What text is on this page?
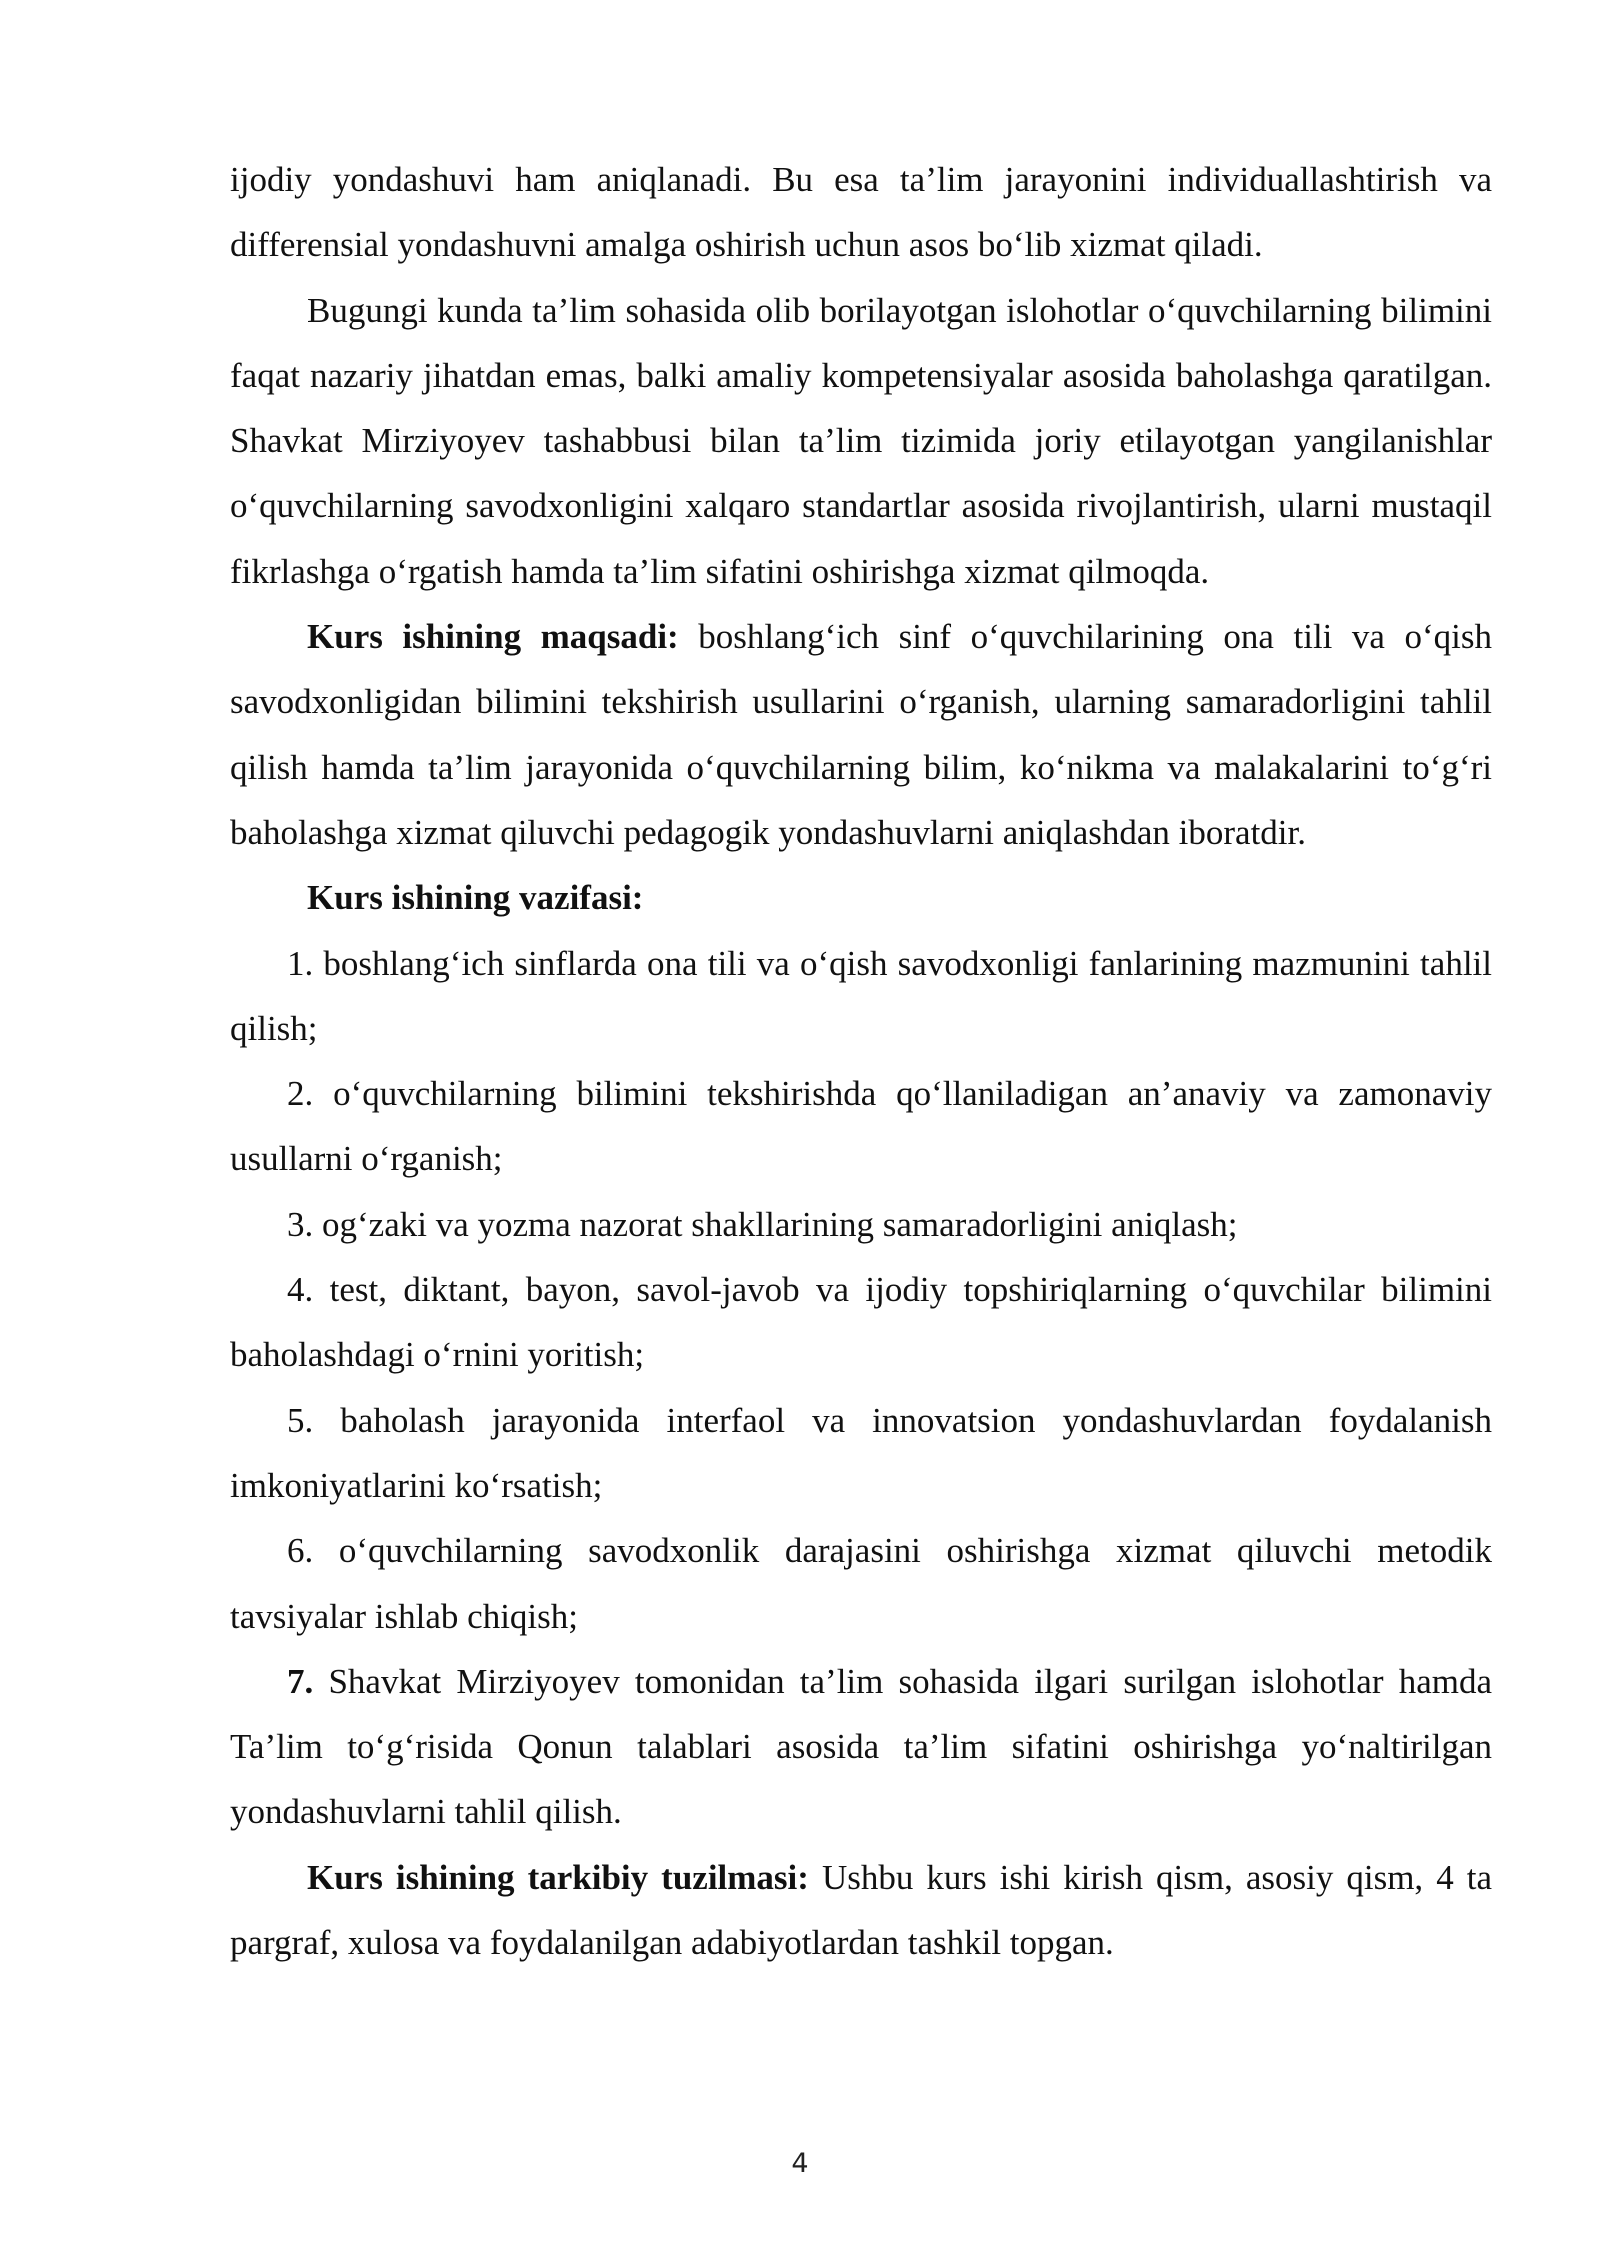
ijodiy yondashuvi ham aniqlanadi. Bu esa ta’lim jarayonini individuallashtirish va differensial yondashuvni amalga oshirish uchun asos bo‘lib xizmat qiladi.

Bugungi kunda ta’lim sohasida olib borilayotgan islohotlar o‘quvchilarning bilimini faqat nazariy jihatdan emas, balki amaliy kompetensiyalar asosida baholashga qaratilgan. Shavkat Mirziyoyev tashabbusi bilan ta’lim tizimida joriy etilayotgan yangilanishlar o‘quvchilarning savodxonligini xalqaro standartlar asosida rivojlantirish, ularni mustaqil fikrlashga o‘rgatish hamda ta’lim sifatini oshirishga xizmat qilmoqda.

Kurs ishining maqsadi: boshlang‘ich sinf o‘quvchilarining ona tili va o‘qish savodxonligidan bilimini tekshirish usullarini o‘rganish, ularning samaradorligini tahlil qilish hamda ta’lim jarayonida o‘quvchilarning bilim, ko‘nikma va malakalarini to‘g‘ri baholashga xizmat qiluvchi pedagogik yondashuvlarni aniqlashdan iboratdir.

Kurs ishining vazifasi:

1. boshlang‘ich sinflarda ona tili va o‘qish savodxonligi fanlarining mazmunini tahlil qilish;

2. o‘quvchilarning bilimini tekshirishda qo‘llaniladigan an’anaviy va zamonaviy usullarni o‘rganish;

3. og‘zaki va yozma nazorat shakllarining samaradorligini aniqlash;

4. test, diktant, bayon, savol-javob va ijodiy topshiriqlarning o‘quvchilar bilimini baholashdagi o‘rnini yoritish;

5. baholash jarayonida interfaol va innovatsion yondashuvlardan foydalanish imkoniyatlarini ko‘rsatish;

6. o‘quvchilarning savodxonlik darajasini oshirishga xizmat qiluvchi metodik tavsiyalar ishlab chiqish;

7. Shavkat Mirziyoyev tomonidan ta’lim sohasida ilgari surilgan islohotlar hamda Ta’lim to‘g‘risida Qonun talablari asosida ta’lim sifatini oshirishga yo‘naltirilgan yondashuvlarni tahlil qilish.

Kurs ishining tarkibiy tuzilmasi: Ushbu kurs ishi kirish qism, asosiy qism, 4 ta pargraf, xulosa va foydalanilgan adabiyotlardan tashkil topgan.

4
